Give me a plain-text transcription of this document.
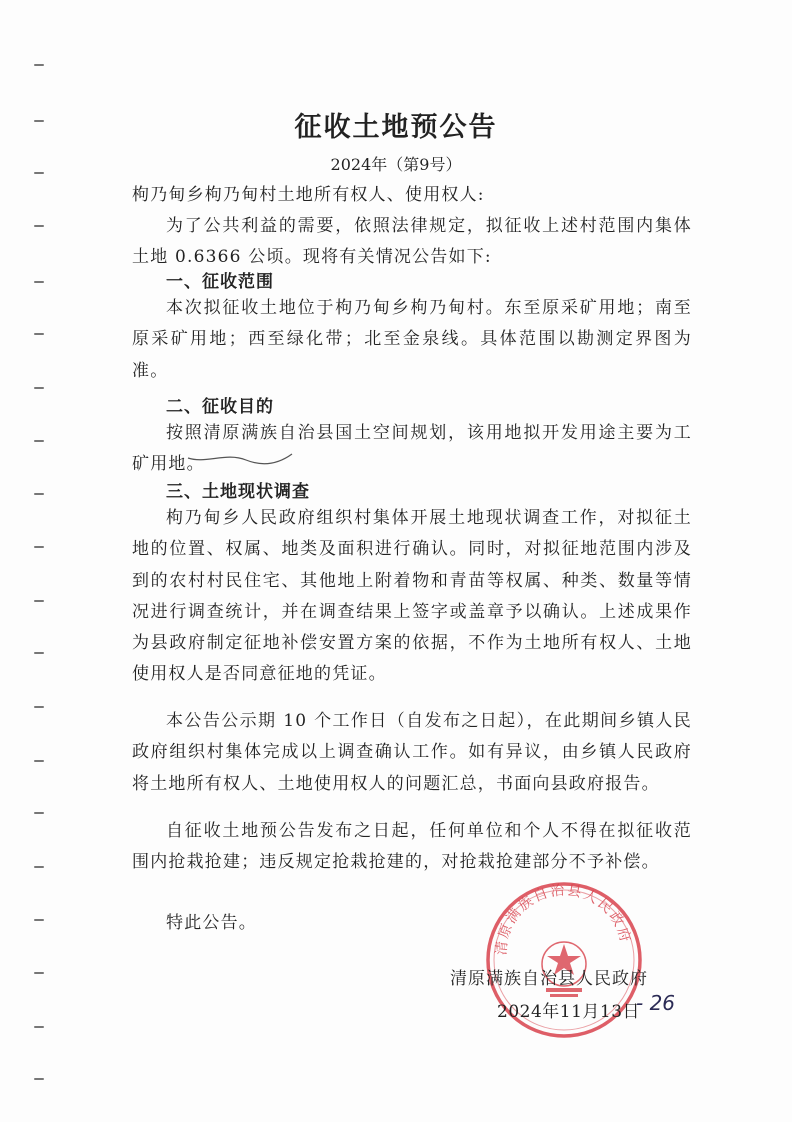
征收土地预公告
2024年（第9号）

枸乃甸乡枸乃甸村土地所有权人、使用权人:

为了公共利益的需要，依照法律规定，拟征收上述村范围内集体土地 0.6366 公顷。现将有关情况公告如下:

一、征收范围

本次拟征收土地位于枸乃甸乡枸乃甸村。东至原采矿用地；南至原采矿用地；西至绿化带；北至金泉线。具体范围以勘测定界图为准。

二、征收目的

按照清原满族自治县国土空间规划，该用地拟开发用途主要为工矿用地。

三、土地现状调查

枸乃甸乡人民政府组织村集体开展土地现状调查工作，对拟征土地的位置、权属、地类及面积进行确认。同时，对拟征地范围内涉及到的农村村民住宅、其他地上附着物和青苗等权属、种类、数量等情况进行调查统计，并在调查结果上签字或盖章予以确认。上述成果作为县政府制定征地补偿安置方案的依据，不作为土地所有权人、土地使用权人是否同意征地的凭证。

本公告公示期 10 个工作日（自发布之日起），在此期间乡镇人民政府组织村集体完成以上调查确认工作。如有异议，由乡镇人民政府将土地所有权人、土地使用权人的问题汇总，书面向县政府报告。

自征收土地预公告发布之日起，任何单位和个人不得在拟征收范围内抢栽抢建；违反规定抢栽抢建的，对抢栽抢建部分不予补偿。

特此公告。

清原满族自治县人民政府
清原满族自治县人民政府
2024年11月13日
- 26
